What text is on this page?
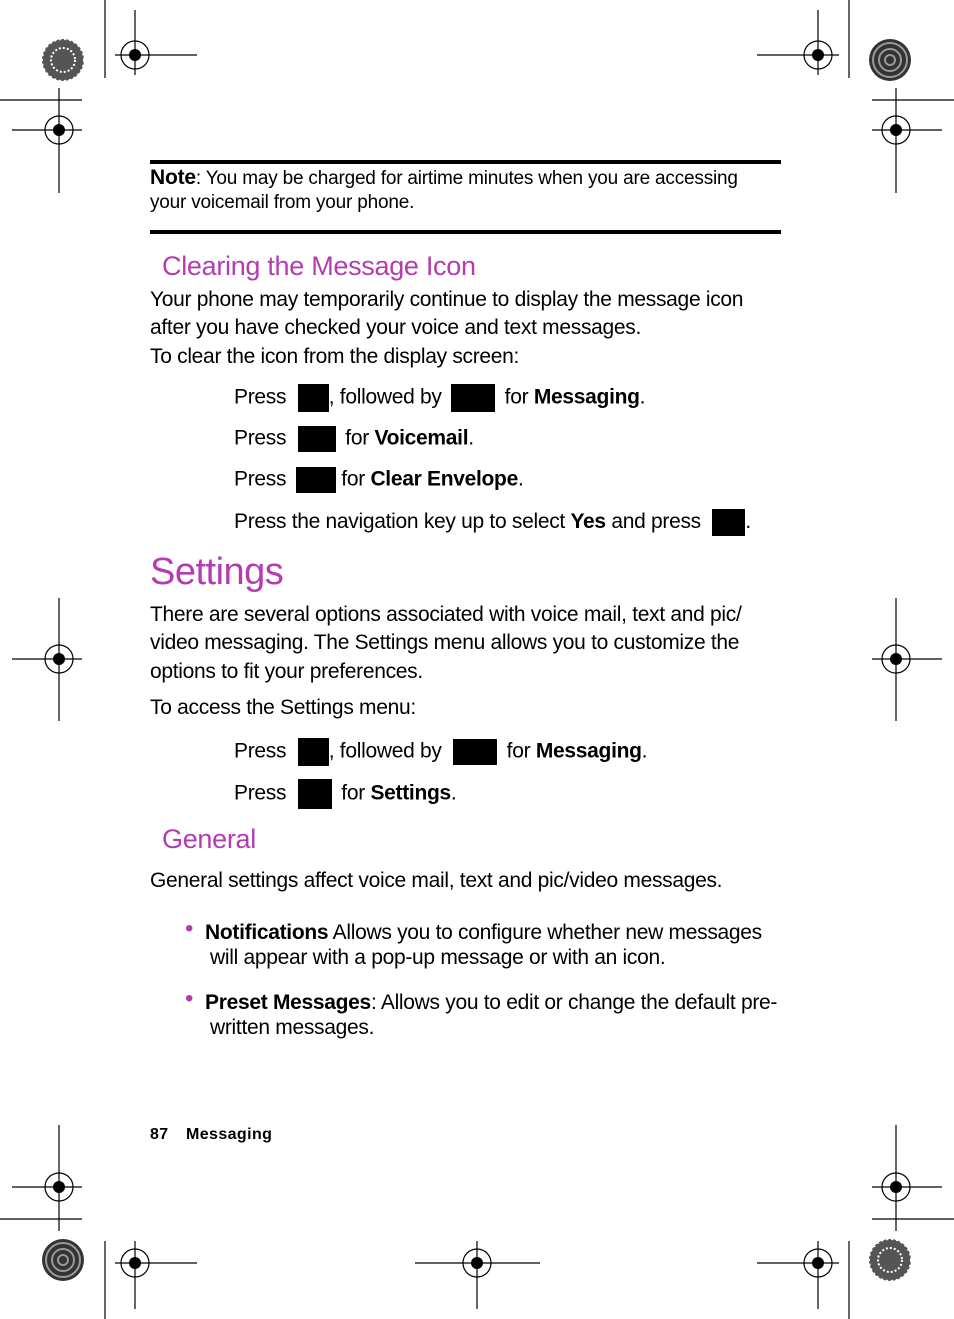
Note: You may be charged for airtime minutes when you are accessing
your voicemail from your phone.
Clearing the Message Icon
Your phone may temporarily continue to display the message icon
after you have checked your voice and text messages.
To clear the icon from the display screen:
Press , followed by	for Messaging.
Press	for Voicemail.
Press	for Clear Envelope.
Press the navigation key up to select Yes and press .
Settings
There are several options associated with voice mail, text and pic/
video messaging. The Settings menu allows you to customize the
options to fit your preferences.
To access the Settings menu:
Press , followed by	for Messaging.
Press	for Settings.
General
General settings affect voice mail, text and pic/video messages.
• Notifications Allows you to configure whether new messages
will appear with a pop-up message or with an icon.
• Preset Messages: Allows you to edit or change the default pre-
written messages.
87 Messaging
